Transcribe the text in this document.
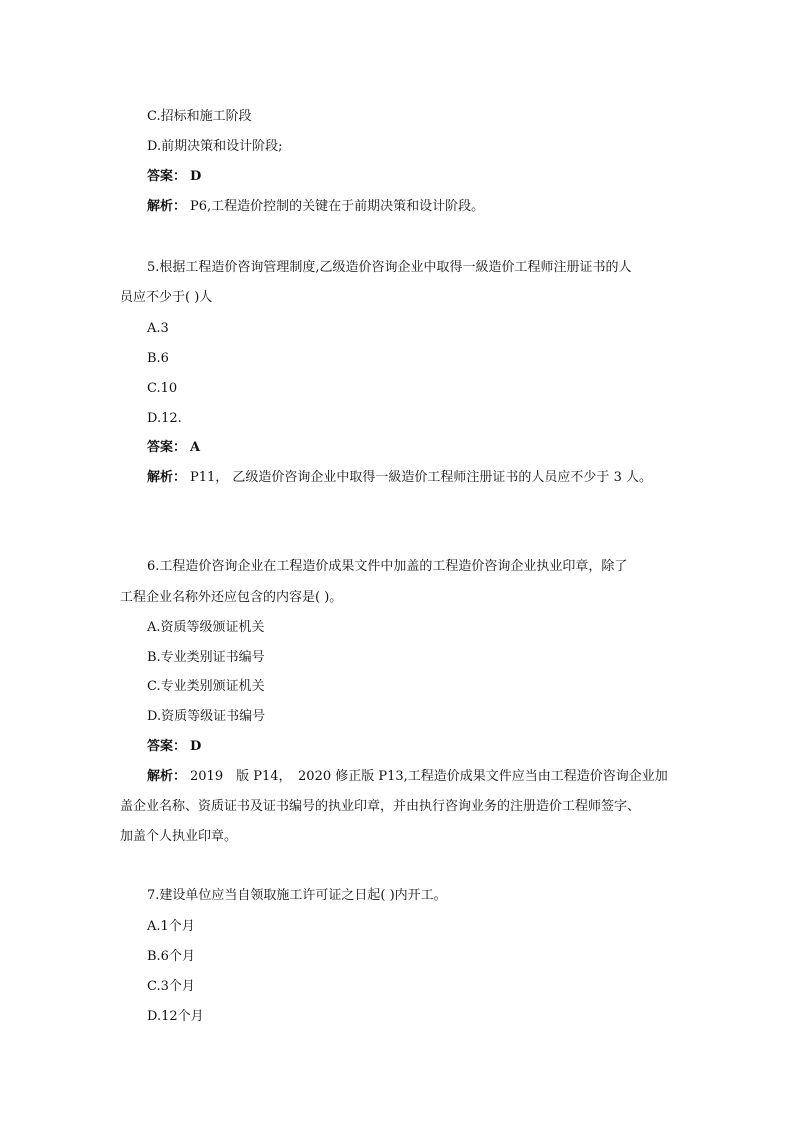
C.招标和施工阶段
D.前期决策和设计阶段;
答案： D
解析： P6,工程造价控制的关键在于前期决策和设计阶段。
5.根据工程造价咨询管理制度,乙级造价咨询企业中取得一級造价工程师注册证书的人
员应不少于( )人
A.3
B.6
C.10
D.12.
答案： A
解析： P11， 乙级造价咨询企业中取得一級造价工程师注册证书的人员应不少于 3 人。
6.工程造价咨询企业在工程造价成果文件中加盖的工程造价咨询企业执业印章，除了
工程企业名称外还应包含的内容是( )。
A.资质等级颁证机关
B.专业类别证书编号
C.专业类别颁证机关
D.资质等级证书编号
答案： D
解析： 2019　版 P14，　2020 修正版 P13,工程造价成果文件应当由工程造价咨询企业加
盖企业名称、资质证书及证书编号的执业印章，并由执行咨询业务的注册造价工程师签字、
加盖个人执业印章。
7.建设单位应当自领取施工许可证之日起( )内开工。
A.1个月
B.6个月
C.3个月
D.12个月
